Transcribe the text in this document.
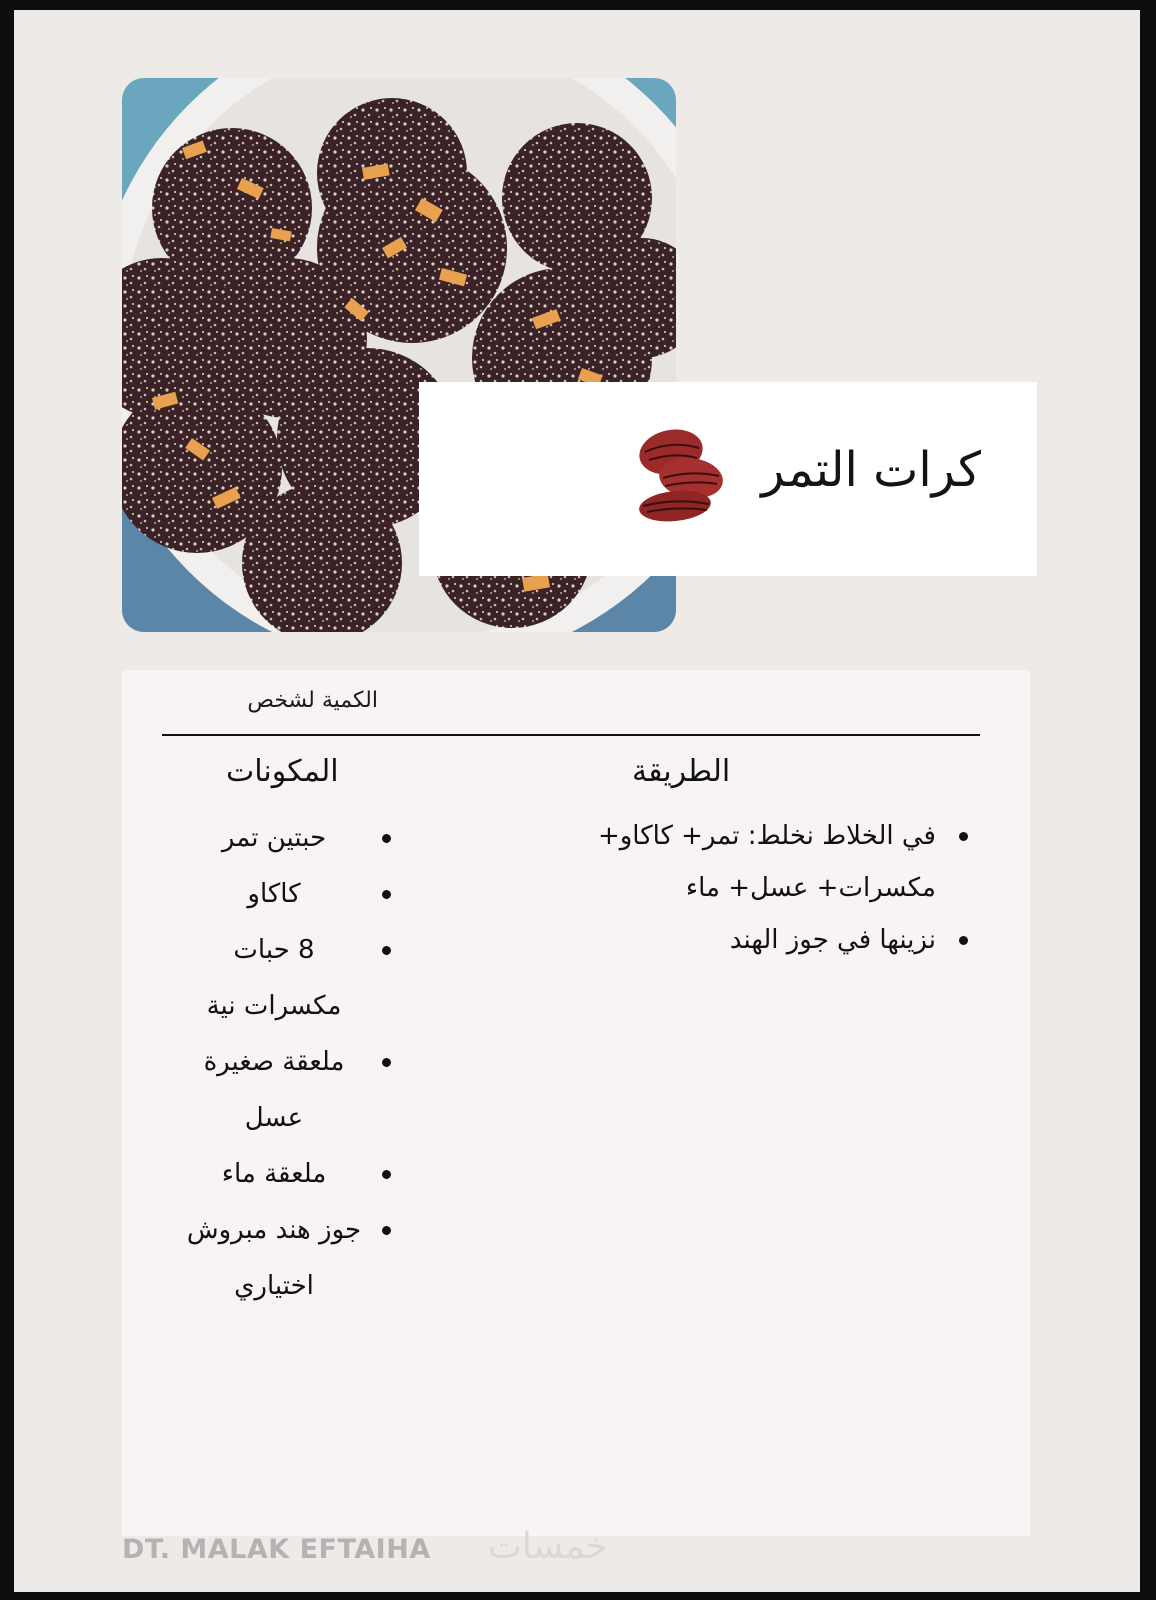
كرات التمر
الكمية لشخص
الطريقة
المكونات
في الخلاط نخلط: تمر+ كاكاو+ مكسرات+ عسل+ ماء
نزينها في جوز الهند
حبتين تمر
كاكاو
8 حبات
مكسرات نية
ملعقة صغيرة
عسل
ملعقة ماء
جوز هند مبروش
اختياري
DT. MALAK EFTAIHA خمسات
